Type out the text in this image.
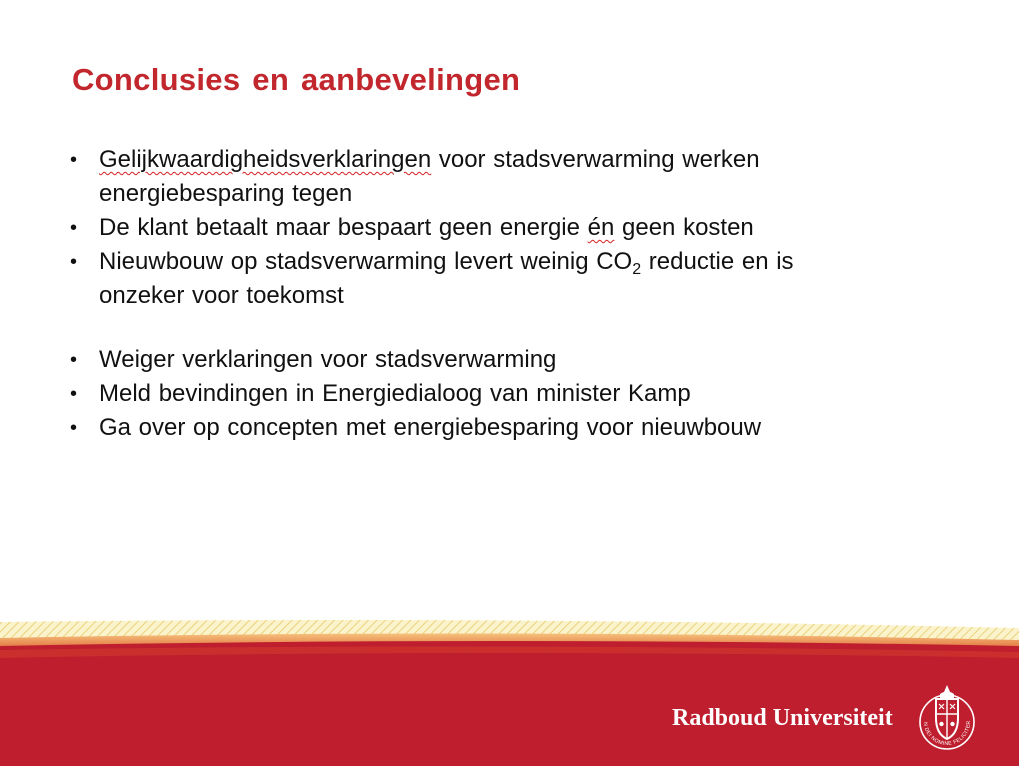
Conclusies en aanbevelingen
• Gelijkwaardigheidsverklaringen voor stadsverwarming werken
energiebesparing tegen
• De klant betaalt maar bespaart geen energie én geen kosten
• Nieuwbouw op stadsverwarming levert weinig $CO_2$ reductie en is
onzeker voor toekomst
• Weiger verklaringen voor stadsverwarming
• Meld bevindingen in Energiedialoog van minister Kamp
• Ga over op concepten met energiebesparing voor nieuwbouw
Radboud Universiteit	N DEI NOMINE FELICITER
